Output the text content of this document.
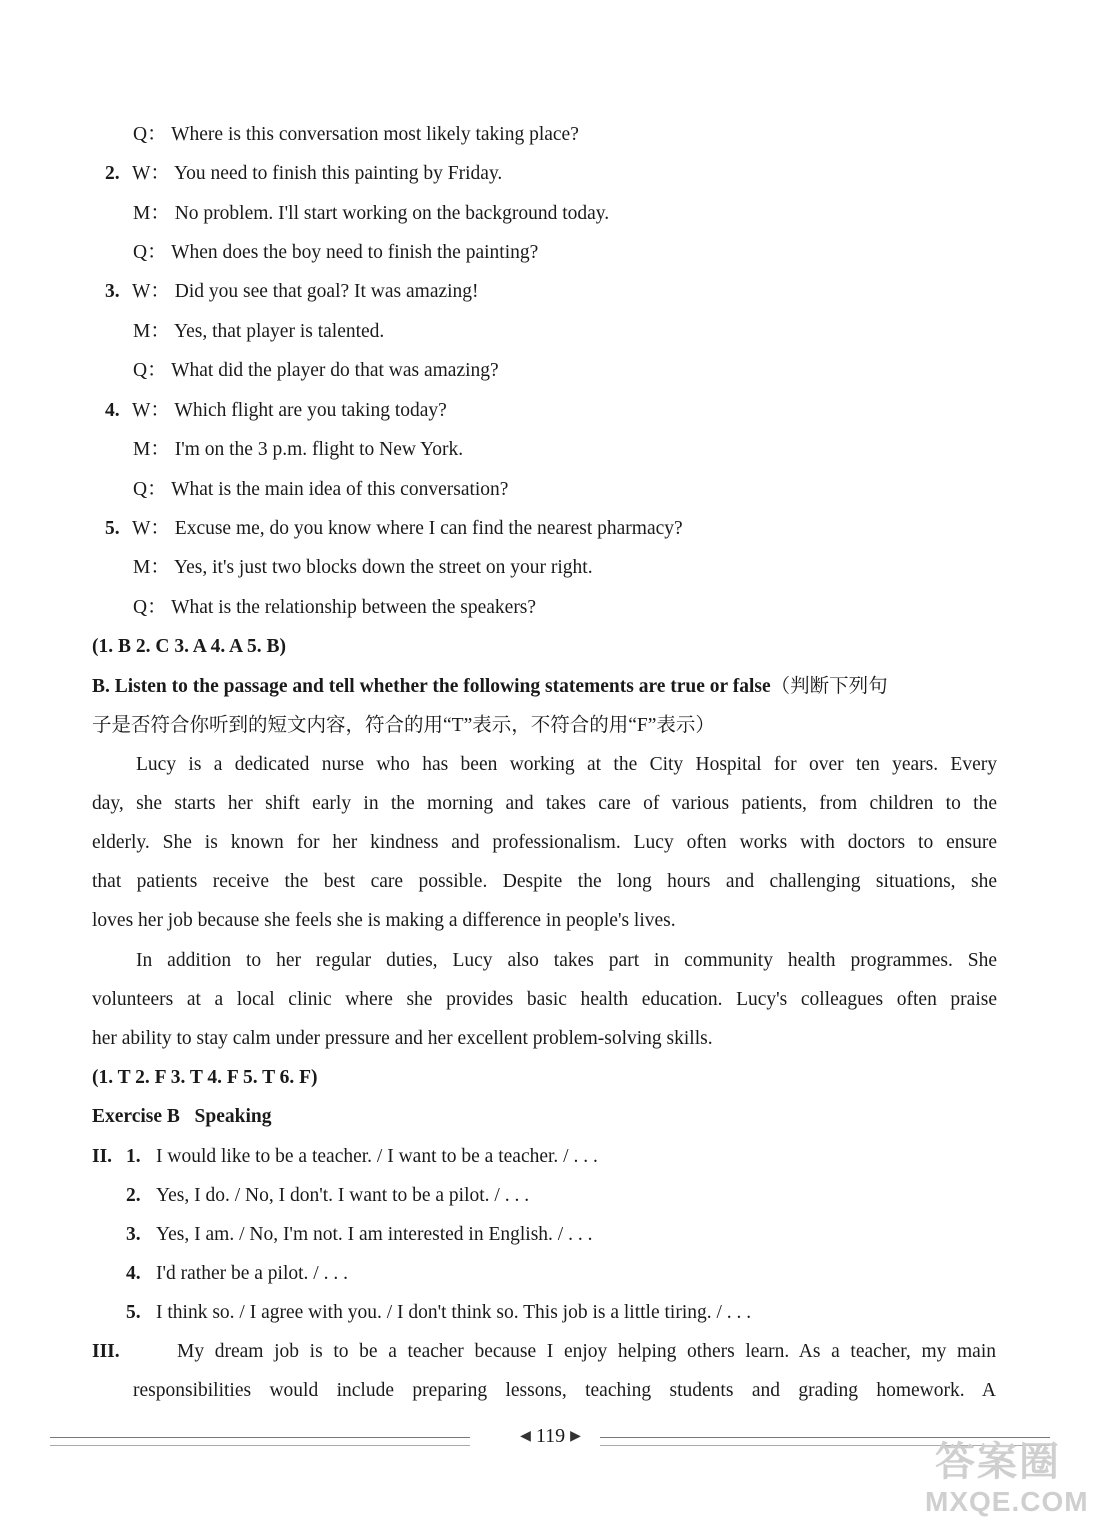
Q： Where is this conversation most likely taking place?
2. W： You need to finish this painting by Friday.
M： No problem. I'll start working on the background today.
Q： When does the boy need to finish the painting?
3. W： Did you see that goal? It was amazing!
M： Yes, that player is talented.
Q： What did the player do that was amazing?
4. W： Which flight are you taking today?
M： I'm on the 3 p.m. flight to New York.
Q： What is the main idea of this conversation?
5. W： Excuse me, do you know where I can find the nearest pharmacy?
M： Yes, it's just two blocks down the street on your right.
Q： What is the relationship between the speakers?
(1. B 2. C 3. A 4. A 5. B)
B. Listen to the passage and tell whether the following statements are true or false（判断下列句
子是否符合你听到的短文内容，符合的用“T”表示，不符合的用“F”表示）
Lucy is a dedicated nurse who has been working at the City Hospital for over ten years. Every
day, she starts her shift early in the morning and takes care of various patients, from children to the
elderly. She is known for her kindness and professionalism. Lucy often works with doctors to ensure
that patients receive the best care possible. Despite the long hours and challenging situations, she
loves her job because she feels she is making a difference in people's lives.
In addition to her regular duties, Lucy also takes part in community health programmes. She
volunteers at a local clinic where she provides basic health education. Lucy's colleagues often praise
her ability to stay calm under pressure and her excellent problem-solving skills.
(1. T 2. F 3. T 4. F 5. T 6. F)
Exercise B   Speaking
II. 1. I would like to be a teacher. / I want to be a teacher. / . . .
2. Yes, I do. / No, I don't. I want to be a pilot. / . . .
3. Yes, I am. / No, I'm not. I am interested in English. / . . .
4. I'd rather be a pilot. / . . .
5. I think so. / I agree with you. / I don't think so. This job is a little tiring. / . . .
III.	My dream job is to be a teacher because I enjoy helping others learn. As a teacher, my main
responsibilities would include preparing lessons, teaching students and grading homework. A
◀ 119 ▶
答案圈
MXQE.COM
